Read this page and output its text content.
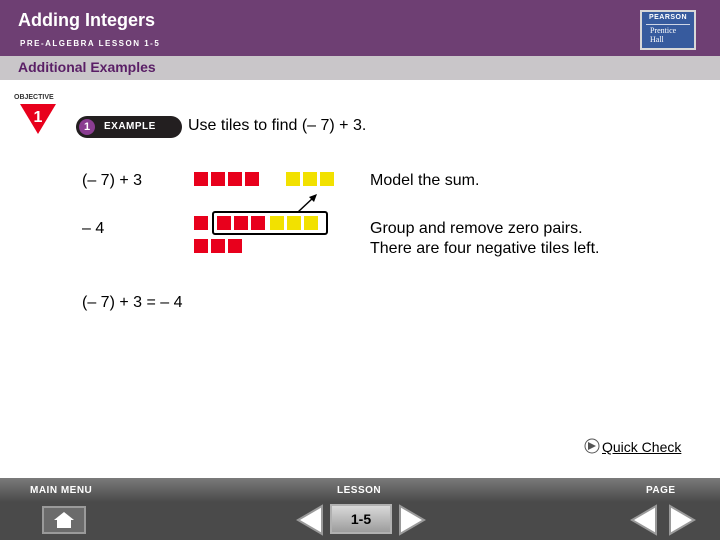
Adding Integers
PRE-ALGEBRA LESSON 1-5
PEARSON
Prentice Hall
Additional Examples
OBJECTIVE
1
1	EXAMPLE Use tiles to find (– 7) + 3.
(– 7) + 3	Model the sum.
– 4	Group and remove zero pairs.
There are four negative tiles left.
(– 7) + 3 = – 4
Quick Check
MAIN MENU	LESSON	PAGE
1-5
